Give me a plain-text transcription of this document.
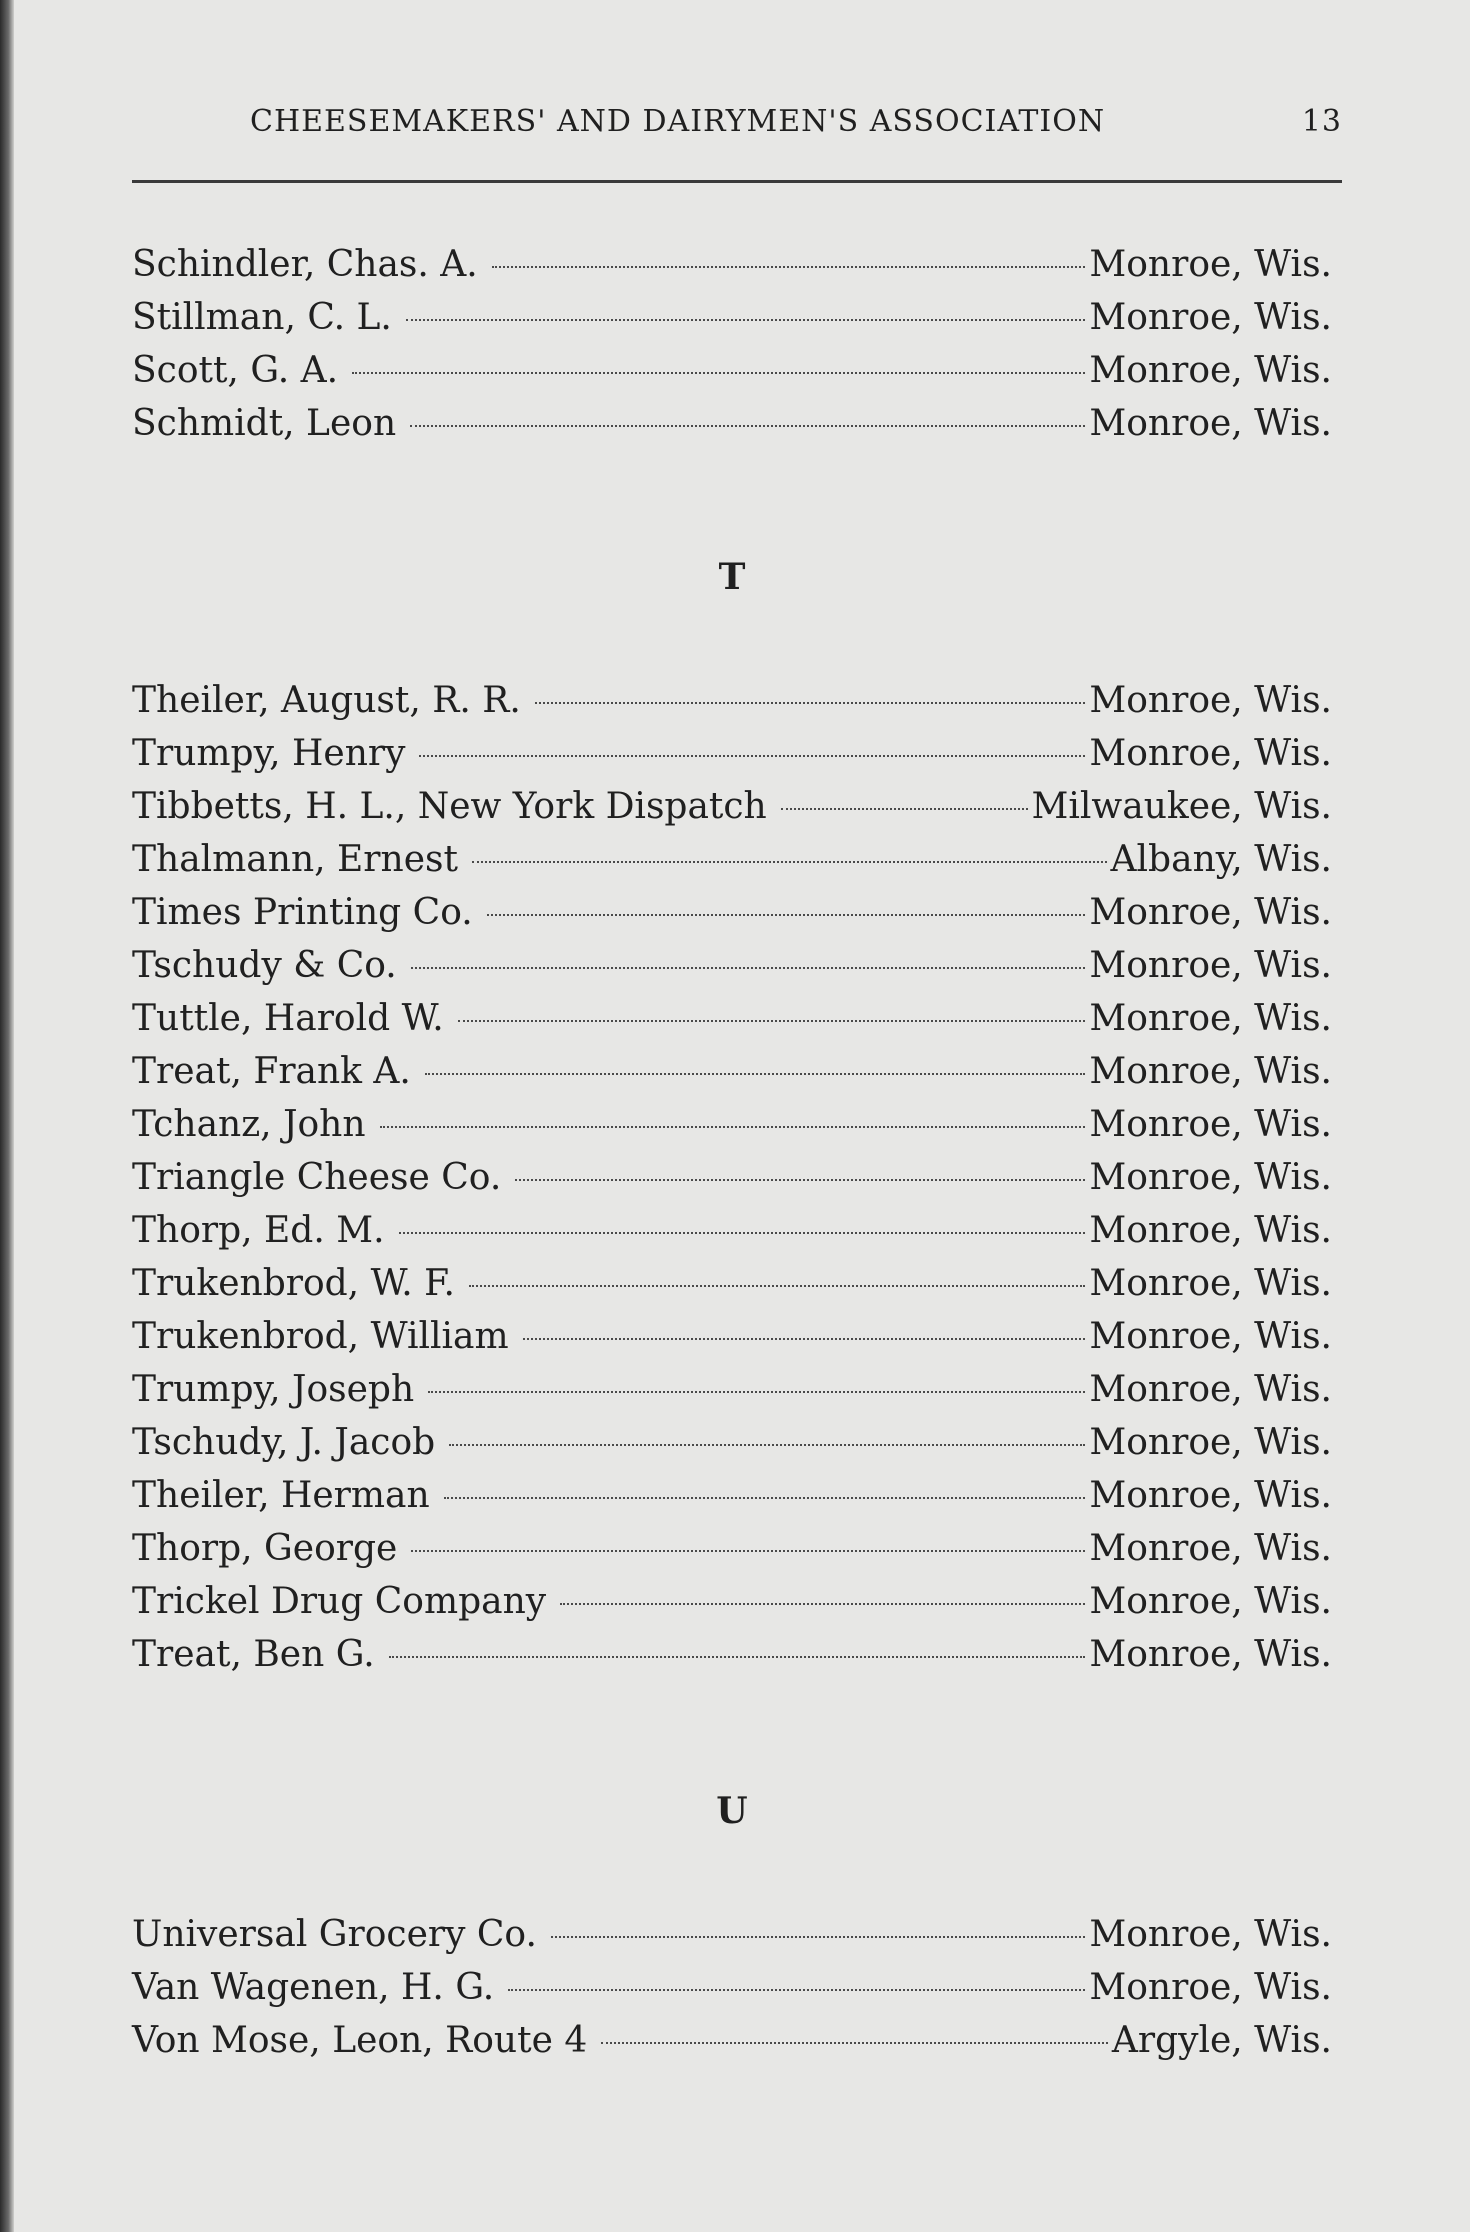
CHEESEMAKERS' AND DAIRYMEN'S ASSOCIATION	13
Schindler, Chas. A.	Monroe, Wis.
Stillman, C. L.	Monroe, Wis.
Scott, G. A.	Monroe, Wis.
Schmidt, Leon	Monroe, Wis.
T
Theiler, August, R. R.	Monroe, Wis.
Trumpy, Henry	Monroe, Wis.
Tibbetts, H. L., New York Dispatch	Milwaukee, Wis.
Thalmann, Ernest	Albany, Wis.
Times Printing Co.	Monroe, Wis.
Tschudy & Co.	Monroe, Wis.
Tuttle, Harold W.	Monroe, Wis.
Treat, Frank A.	Monroe, Wis.
Tchanz, John	Monroe, Wis.
Triangle Cheese Co.	Monroe, Wis.
Thorp, Ed. M.	Monroe, Wis.
Trukenbrod, W. F.	Monroe, Wis.
Trukenbrod, William	Monroe, Wis.
Trumpy, Joseph	Monroe, Wis.
Tschudy, J. Jacob	Monroe, Wis.
Theiler, Herman	Monroe, Wis.
Thorp, George	Monroe, Wis.
Trickel Drug Company	Monroe, Wis.
Treat, Ben G.	Monroe, Wis.
U
Universal Grocery Co.	Monroe, Wis.
Van Wagenen, H. G.	Monroe, Wis.
Von Mose, Leon, Route 4	Argyle, Wis.
